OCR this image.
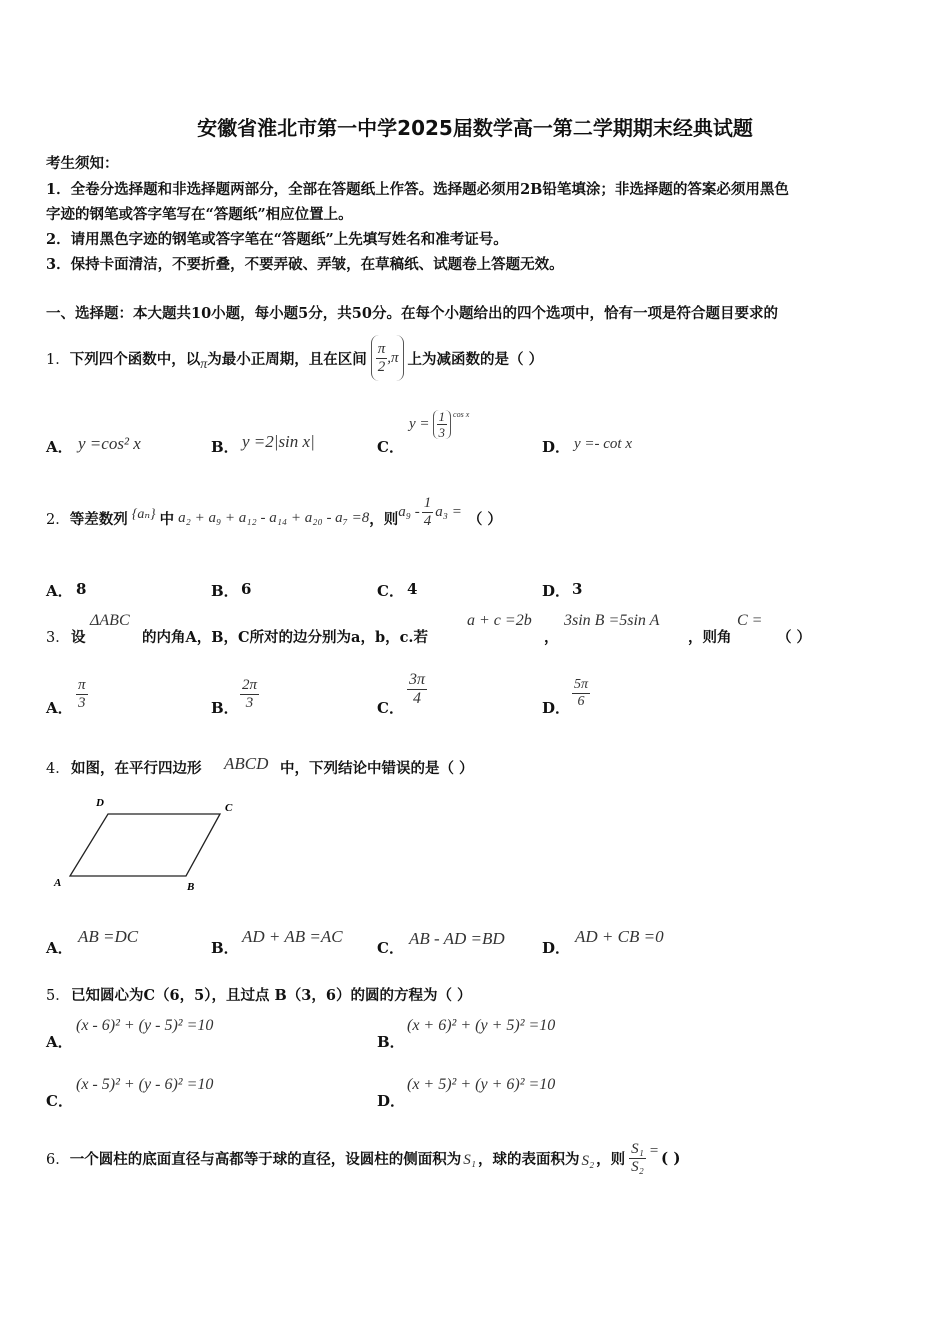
安徽省淮北市第一中学2025届数学高一第二学期期末经典试题
考生须知：
1．全卷分选择题和非选择题两部分，全部在答题纸上作答。选择题必须用2B铅笔填涂；非选择题的答案必须用黑色
字迹的钢笔或答字笔写在“答题纸”相应位置上。
2．请用黑色字迹的钢笔或答字笔在“答题纸”上先填写姓名和准考证号。
3．保持卡面清洁，不要折叠，不要弄破、弄皱，在草稿纸、试题卷上答题无效。
一、选择题：本大题共10小题，每小题5分，共50分。在每个小题给出的四个选项中，恰有一项是符合题目要求的
1． 下列四个函数中，以 π 为最小正周期，且在区间 $\frac{\pi}{2} ,\pi$ 上为减函数的是（ ）
A． y =cos² x	B． y =2|sin x|	C．
$y = \frac{1}{3}$ cos x
D． y =- cot x
2． 等差数列 {aₙ} 中 a₂ + a₉ + a₁₂ - a₁₄ + a₂₀ - a₇ =8 ，则 $a_9 - \frac{1}{4} a_3$ = （ ）
A． 8	B． 6	C． 4	D． 3
3． 设
ΔABC
的内角A，B，C所对的边分别为a，b，c.若
a + c =2b
，
3sin B =5sin A
，则角
C =
（ ）
A． $\frac{\pi}{3}$	B． $\frac{2\pi}{3}$	C．
$\frac{3\pi}{4}$
D． $\frac{5\pi}{6}$
4． 如图，在平行四边形 ABCD 中，下列结论中错误的是（ ）
A	B
C
D
A．
AB =DC
B．
AD + AB =AC
C． AB - AD =BD D．
AD + CB =0
5． 已知圆心为C（6，5），且过点 B（3，6）的圆的方程为（ ）
A．
(x - 6)² + (y - 5)² =10
B．
(x + 6)² + (y + 5)² =10
C．
(x - 5)² + (y - 6)² =10
D．
(x + 5)² + (y + 6)² =10
6． 一个圆柱的底面直径与高都等于球的直径，设圆柱的侧面积为 S₁ ，球的表面积为 S₂ ，则 $\frac{\text{S₁}}{\text{S₂}}$ = ( )
